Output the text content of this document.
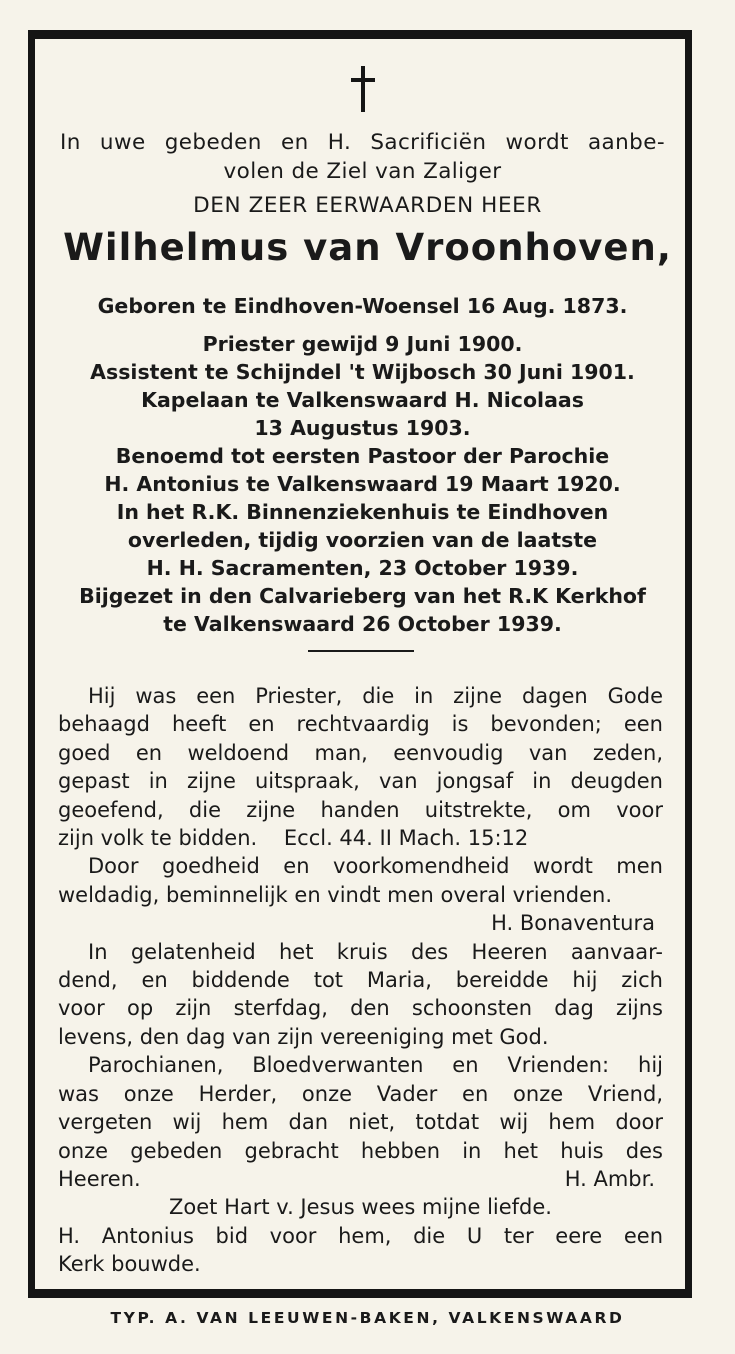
In uwe gebeden en H. Sacrificiën wordt aanbe-

volen de Ziel van Zaliger

DEN ZEER EERWAARDEN HEER
Wilhelmus van Vroonhoven,
Geboren te Eindhoven-Woensel 16 Aug. 1873.
Priester gewijd 9 Juni 1900.
Assistent te Schijndel 't Wijbosch 30 Juni 1901.
Kapelaan te Valkenswaard H. Nicolaas
13 Augustus 1903.
Benoemd tot eersten Pastoor der Parochie
H. Antonius te Valkenswaard 19 Maart 1920.
In het R.K. Binnenziekenhuis te Eindhoven
overleden, tijdig voorzien van de laatste
H. H. Sacramenten, 23 October 1939.
Bijgezet in den Calvarieberg van het R.K Kerkhof
te Valkenswaard 26 October 1939.
Hij was een Priester, die in zijne dagen Gode
behaagd heeft en rechtvaardig is bevonden; een
goed en weldoend man, eenvoudig van zeden,
gepast in zijne uitspraak, van jongsaf in deugden
geoefend, die zijne handen uitstrekte, om voor
zijn volk te bidden.    Eccl. 44. II Mach. 15:12
Door goedheid en voorkomendheid wordt men
weldadig, beminnelijk en vindt men overal vrienden.
H. Bonaventura
In gelatenheid het kruis des Heeren aanvaar-
dend, en biddende tot Maria, bereidde hij zich
voor op zijn sterfdag, den schoonsten dag zijns
levens, den dag van zijn vereeniging met God.
Parochianen, Bloedverwanten en Vrienden: hij
was onze Herder, onze Vader en onze Vriend,
vergeten wij hem dan niet, totdat wij hem door
onze gebeden gebracht hebben in het huis des
Heeren.	H. Ambr.
Zoet Hart v. Jesus wees mijne liefde.
H. Antonius bid voor hem, die U ter eere een
Kerk bouwde.
TYP. A. VAN LEEUWEN-BAKEN, VALKENSWAARD
